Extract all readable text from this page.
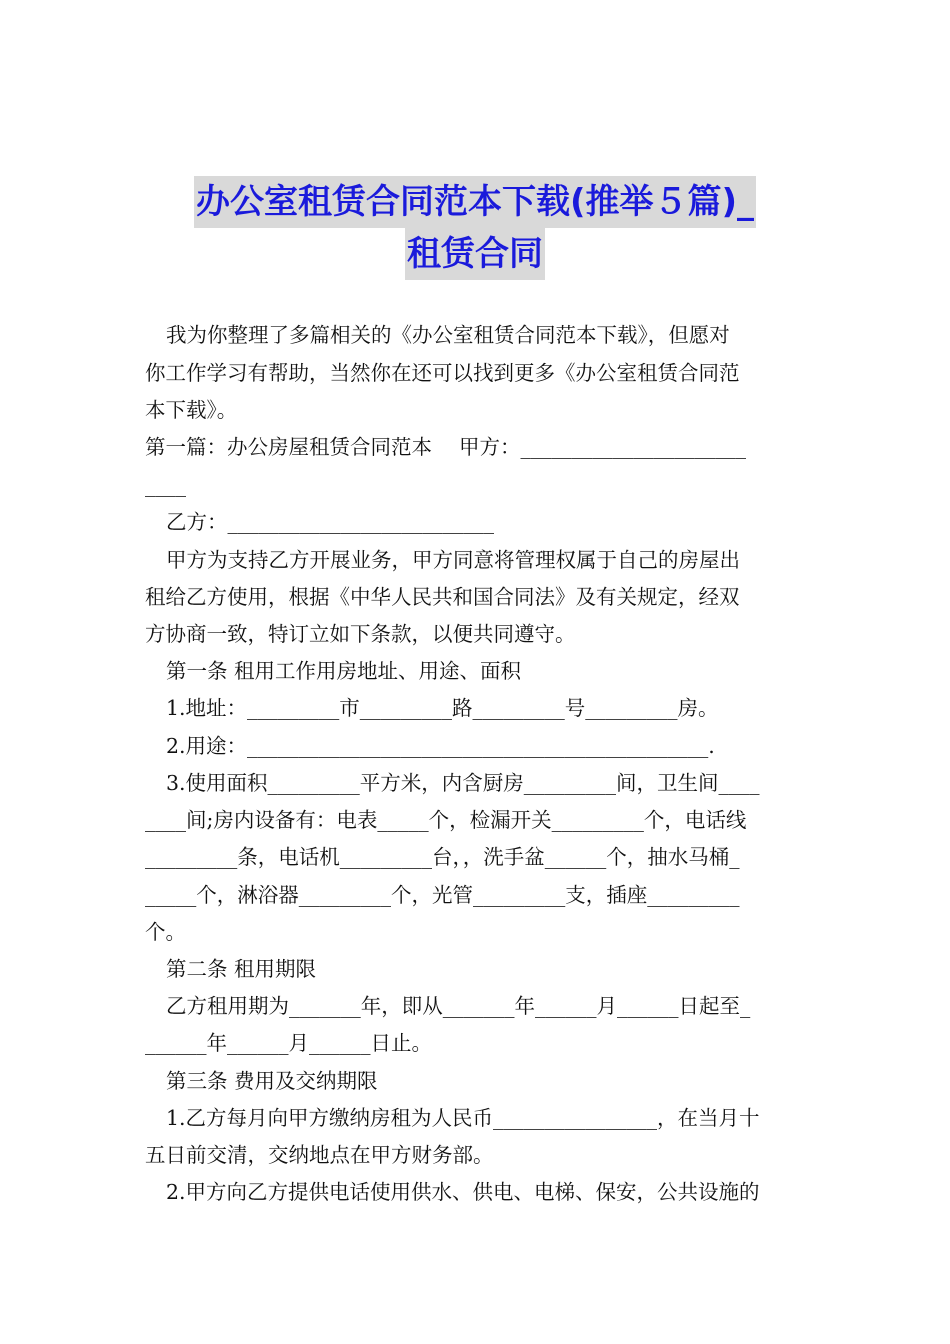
办公室租赁合同范本下载(推举５篇)_
租赁合同
我为你整理了多篇相关的《办公室租赁合同范本下载》，但愿对
你工作学习有帮助，当然你在还可以找到更多《办公室租赁合同范
本下载》。
第一篇：办公房屋租赁合同范本　 甲方：______________________
____
乙方：__________________________
甲方为支持乙方开展业务，甲方同意将管理权属于自己的房屋出
租给乙方使用，根据《中华人民共和国合同法》及有关规定，经双
方协商一致，特订立如下条款，以便共同遵守。
第一条 租用工作用房地址、用途、面积
1.地址：_________市_________路_________号_________房。
2.用途：_____________________________________________.
3.使用面积_________平方米，内含厨房_________间，卫生间____
____间;房内设备有：电表_____个，检漏开关_________个，电话线
_________条，电话机_________台，，洗手盆______个，抽水马桶_
_____个，淋浴器_________个，光管_________支，插座_________
个。
第二条 租用期限
乙方租用期为_______年，即从_______年______月______日起至_
______年______月______日止。
第三条 费用及交纳期限
1.乙方每月向甲方缴纳房租为人民币________________，在当月十
五日前交清，交纳地点在甲方财务部。
2.甲方向乙方提供电话使用供水、供电、电梯、保安，公共设施的
